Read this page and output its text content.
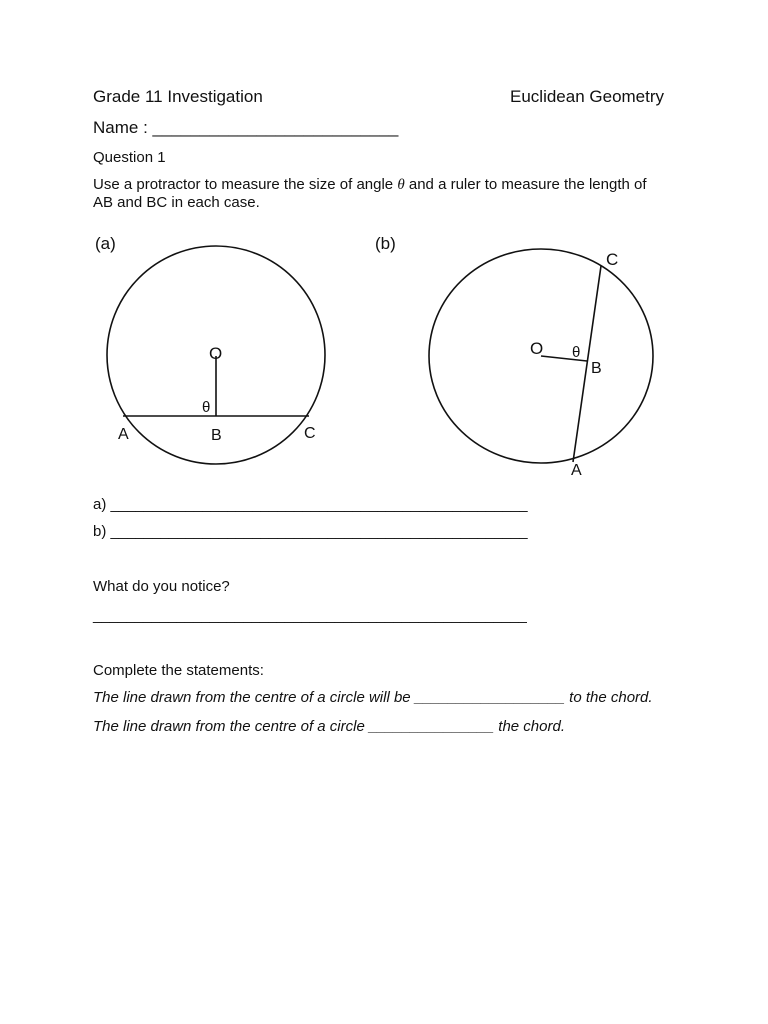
Grade 11 Investigation	Euclidean Geometry
Name : __________________________
Question 1
Use a protractor to measure the size of angle θ and a ruler to measure the length of
AB and BC in each case.
(a)
O
θ
A	B	C
(b)
O θ
B
C
A
a) __________________________________________________
b) __________________________________________________
What do you notice?
____________________________________________________
Complete the statements:
The line drawn from the centre of a circle will be __________________ to the chord.
The line drawn from the centre of a circle _______________ the chord.
